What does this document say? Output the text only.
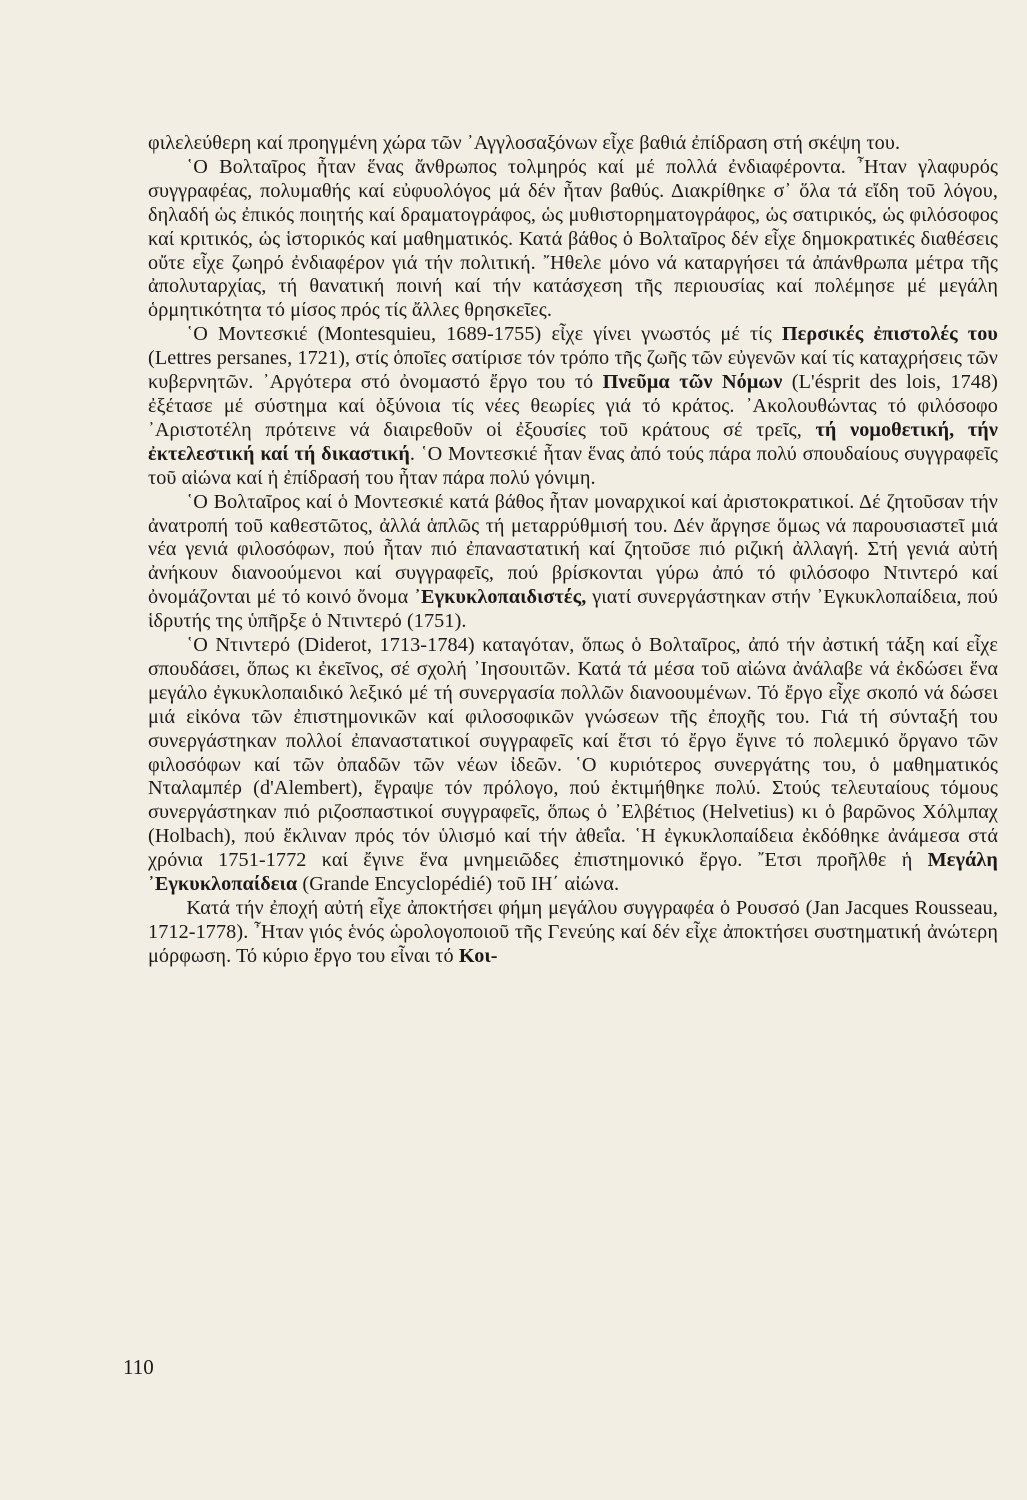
φιλελεύθερη καί προηγμένη χώρα τῶν ᾿Αγγλοσαξόνων εἶχε βαθιά ἐπίδραση στή σκέψη του.

῾Ο Βολταῖρος ἦταν ἕνας ἄνθρωπος τολμηρός καί μέ πολλά ἐνδιαφέροντα. ῏Ηταν γλαφυρός συγγραφέας, πολυμαθής καί εὐφυολόγος μά δέν ἦταν βαθύς. Διακρίθηκε σ᾿ ὅλα τά εἴδη τοῦ λόγου, δηλαδή ὡς ἐπικός ποιητής καί δραματογράφος, ὡς μυθιστορηματογράφος, ὡς σατιρικός, ὡς φιλόσοφος καί κριτικός, ὡς ἱστορικός καί μαθηματικός. Κατά βάθος ὁ Βολταῖρος δέν εἶχε δημοκρατικές διαθέσεις οὔτε εἶχε ζωηρό ἐνδιαφέρον γιά τήν πολιτική. ῎Ηθελε μόνο νά καταργήσει τά ἀπάνθρωπα μέτρα τῆς ἀπολυταρχίας, τή θανατική ποινή καί τήν κατάσχεση τῆς περιουσίας καί πολέμησε μέ μεγάλη ὁρμητικότητα τό μίσος πρός τίς ἄλλες θρησκεῖες.

῾Ο Μοντεσκιέ (Montesquieu, 1689-1755) εἶχε γίνει γνωστός μέ τίς Περσικές ἐπιστολές του (Lettres persanes, 1721), στίς ὁποῖες σατίρισε τόν τρόπο τῆς ζωῆς τῶν εὐγενῶν καί τίς καταχρήσεις τῶν κυβερνητῶν. ᾿Αργότερα στό ὀνομαστό ἔργο του τό Πνεῦμα τῶν Νόμων (L'ésprit des lois, 1748) ἐξέτασε μέ σύστημα καί ὀξύνοια τίς νέες θεωρίες γιά τό κράτος. ᾿Ακολουθώντας τό φιλόσοφο ᾿Αριστοτέλη πρότεινε νά διαιρεθοῦν οἱ ἐξουσίες τοῦ κράτους σέ τρεῖς, τή νομοθετική, τήν ἐκτελεστική καί τή δικαστική. ῾Ο Μοντεσκιέ ἦταν ἕνας ἀπό τούς πάρα πολύ σπουδαίους συγγραφεῖς τοῦ αἰώνα καί ἡ ἐπίδρασή του ἦταν πάρα πολύ γόνιμη.

῾Ο Βολταῖρος καί ὁ Μοντεσκιέ κατά βάθος ἦταν μοναρχικοί καί ἀριστοκρατικοί. Δέ ζητοῦσαν τήν ἀνατροπή τοῦ καθεστῶτος, ἀλλά ἁπλῶς τή μεταρρύθμισή του. Δέν ἄργησε ὅμως νά παρουσιαστεῖ μιά νέα γενιά φιλοσόφων, πού ἦταν πιό ἐπαναστατική καί ζητοῦσε πιό ριζική ἀλλαγή. Στή γενιά αὐτή ἀνήκουν διανοούμενοι καί συγγραφεῖς, πού βρίσκονται γύρω ἀπό τό φιλόσοφο Ντιντερό καί ὀνομάζονται μέ τό κοινό ὄνομα ᾿Εγκυκλοπαιδιστές, γιατί συνεργάστηκαν στήν ᾿Εγκυκλοπαίδεια, πού ἱδρυτής της ὑπῆρξε ὁ Ντιντερό (1751).

῾Ο Ντιντερό (Diderot, 1713-1784) καταγόταν, ὅπως ὁ Βολταῖρος, ἀπό τήν ἀστική τάξη καί εἶχε σπουδάσει, ὅπως κι ἐκεῖνος, σέ σχολή ᾿Ιησουιτῶν. Κατά τά μέσα τοῦ αἰώνα ἀνάλαβε νά ἐκδώσει ἕνα μεγάλο ἐγκυκλοπαιδικό λεξικό μέ τή συνεργασία πολλῶν διανοουμένων. Τό ἔργο εἶχε σκοπό νά δώσει μιά εἰκόνα τῶν ἐπιστημονικῶν καί φιλοσοφικῶν γνώσεων τῆς ἐποχῆς του. Γιά τή σύνταξή του συνεργάστηκαν πολλοί ἐπαναστατικοί συγγραφεῖς καί ἔτσι τό ἔργο ἔγινε τό πολεμικό ὄργανο τῶν φιλοσόφων καί τῶν ὀπαδῶν τῶν νέων ἰδεῶν. ῾Ο κυριότερος συνεργάτης του, ὁ μαθηματικός Νταλαμπέρ (d'Alembert), ἔγραψε τόν πρόλογο, πού ἐκτιμήθηκε πολύ. Στούς τελευταίους τόμους συνεργάστηκαν πιό ριζοσπαστικοί συγγραφεῖς, ὅπως ὁ ᾿Ελβέτιος (Helvetius) κι ὁ βαρῶνος Χόλμπαχ (Holbach), πού ἔκλιναν πρός τόν ὑλισμό καί τήν ἀθεΐα. ῾Η ἐγκυκλοπαίδεια ἐκδόθηκε ἀνάμεσα στά χρόνια 1751-1772 καί ἔγινε ἕνα μνημειῶδες ἐπιστημονικό ἔργο. ῎Ετσι προῆλθε ἡ Μεγάλη ᾿Εγκυκλοπαίδεια (Grande Encyclopédié) τοῦ ΙΗ΄ αἰώνα.

Κατά τήν ἐποχή αὐτή εἶχε ἀποκτήσει φήμη μεγάλου συγγραφέα ὁ Ρουσσό (Jan Jacques Rousseau, 1712-1778). ῏Ηταν γιός ἑνός ὡρολογοποιοῦ τῆς Γενεύης καί δέν εἶχε ἀποκτήσει συστηματική ἀνώτερη μόρφωση. Τό κύριο ἔργο του εἶναι τό Κοι-

110
